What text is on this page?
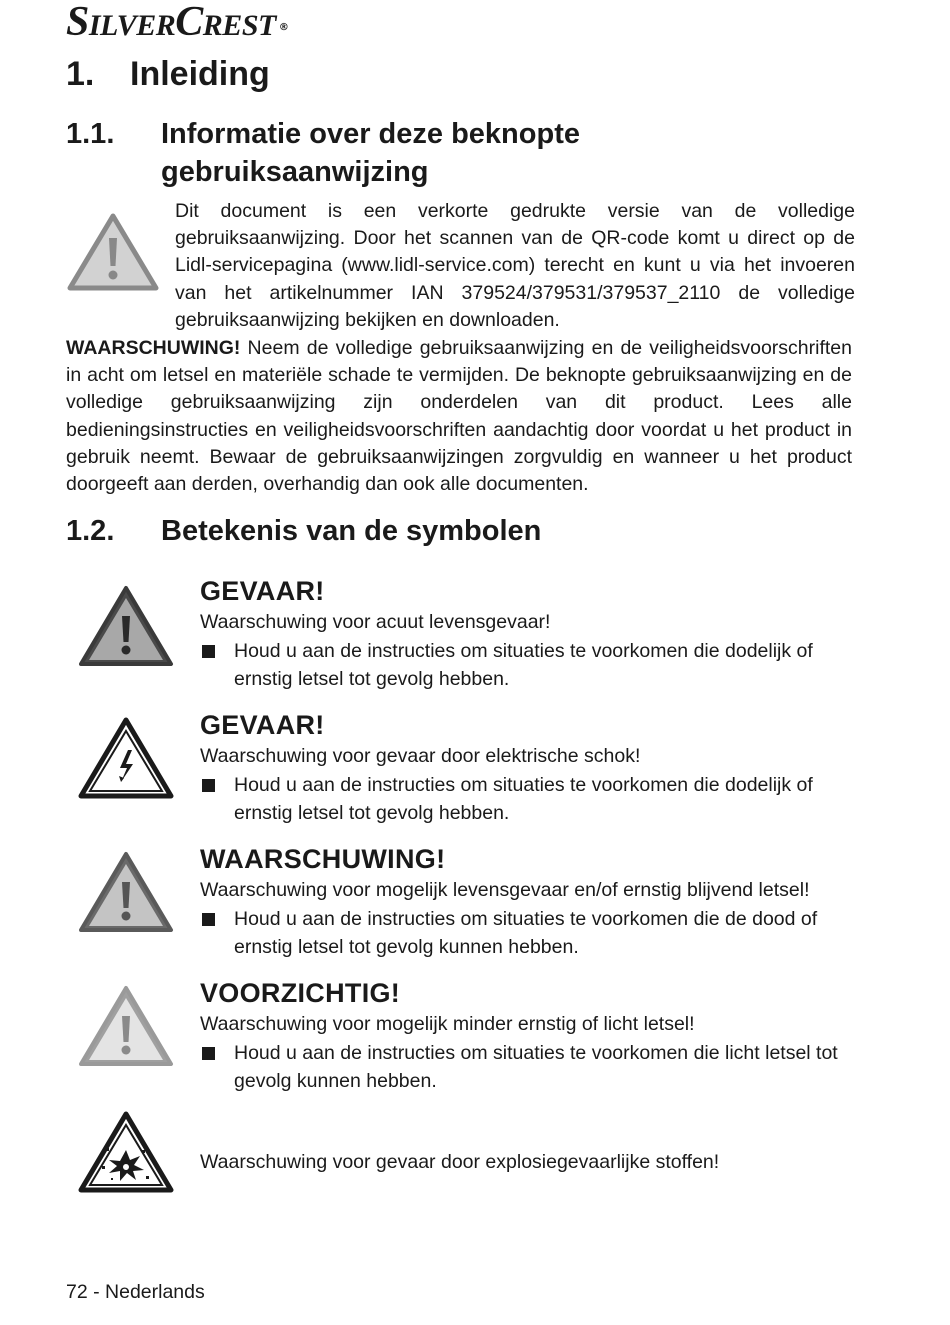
S ILVER C REST ®
1.	Inleiding
1.1.	Informatie over deze beknopte gebruiksaanwijzing
Dit document is een verkorte gedrukte versie van de volledige gebruiksaanwijzing. Door het scannen van de QR-code komt u direct op de Lidl-servicepagina (www.lidl-service.com) terecht en kunt u via het invoeren van het artikelnummer IAN 379524/379531/379537_2110 de volledige gebruiksaanwijzing bekijken en downloaden.
WAARSCHUWING! Neem de volledige gebruiksaanwijzing en de veiligheidsvoorschriften in acht om letsel en materiële schade te vermijden. De beknopte gebruiksaanwijzing en de volledige gebruiksaanwijzing zijn onderdelen van dit product. Lees alle bedieningsinstructies en veiligheidsvoorschriften aandachtig door voordat u het product in gebruik neemt. Bewaar de gebruiksaanwijzingen zorgvuldig en wanneer u het product doorgeeft aan derden, overhandig dan ook alle documenten.
1.2.	Betekenis van de symbolen
GEVAAR!
Waarschuwing voor acuut levensgevaar!
Houd u aan de instructies om situaties te voorkomen die dodelijk of ernstig letsel tot gevolg hebben.
GEVAAR!
Waarschuwing voor gevaar door elektrische schok!
Houd u aan de instructies om situaties te voorkomen die dodelijk of ernstig letsel tot gevolg hebben.
WAARSCHUWING!
Waarschuwing voor mogelijk levensgevaar en/of ernstig blijvend letsel!
Houd u aan de instructies om situaties te voorkomen die de dood of ernstig letsel tot gevolg kunnen hebben.
VOORZICHTIG!
Waarschuwing voor mogelijk minder ernstig of licht letsel!
Houd u aan de instructies om situaties te voorkomen die licht letsel tot gevolg kunnen hebben.
Waarschuwing voor gevaar door explosiegevaarlijke stoffen!
72 - Nederlands
